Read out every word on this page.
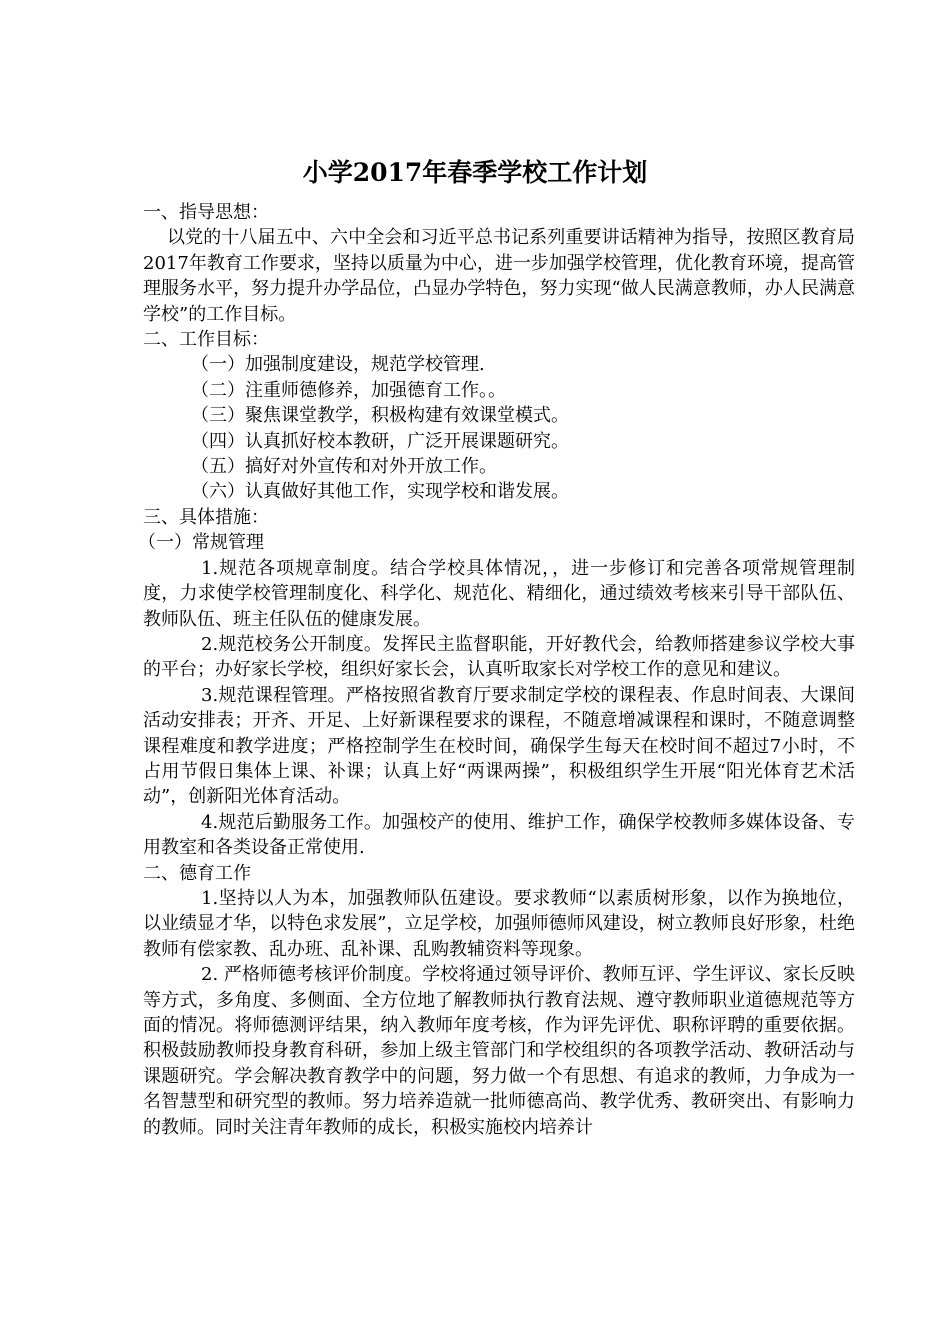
小学2017年春季学校工作计划

一、指导思想：

以党的十八届五中、六中全会和习近平总书记系列重要讲话精神为指导，按照区教育局2017年教育工作要求，坚持以质量为中心，进一步加强学校管理，优化教育环境，提高管理服务水平，努力提升办学品位，凸显办学特色，努力实现“做人民满意教师，办人民满意学校”的工作目标。

二、工作目标：

（一）加强制度建设，规范学校管理.

（二）注重师德修养，加强德育工作。。

（三）聚焦课堂教学，积极构建有效课堂模式。

（四）认真抓好校本教研，广泛开展课题研究。

（五）搞好对外宣传和对外开放工作。

（六）认真做好其他工作，实现学校和谐发展。

三、具体措施：

（一）常规管理

1.规范各项规章制度。结合学校具体情况，，进一步修订和完善各项常规管理制度，力求使学校管理制度化、科学化、规范化、精细化，通过绩效考核来引导干部队伍、教师队伍、班主任队伍的健康发展。

2.规范校务公开制度。发挥民主监督职能，开好教代会，给教师搭建参议学校大事的平台；办好家长学校，组织好家长会，认真听取家长对学校工作的意见和建议。

3.规范课程管理。严格按照省教育厅要求制定学校的课程表、作息时间表、大课间活动安排表；开齐、开足、上好新课程要求的课程，不随意增减课程和课时，不随意调整课程难度和教学进度；严格控制学生在校时间，确保学生每天在校时间不超过7小时，不占用节假日集体上课、补课；认真上好“两课两操”，积极组织学生开展“阳光体育艺术活动”，创新阳光体育活动。

4.规范后勤服务工作。加强校产的使用、维护工作，确保学校教师多媒体设备、专用教室和各类设备正常使用.

二、德育工作

1.坚持以人为本，加强教师队伍建设。要求教师“以素质树形象，以作为换地位，以业绩显才华，以特色求发展”，立足学校，加强师德师风建设，树立教师良好形象，杜绝教师有偿家教、乱办班、乱补课、乱购教辅资料等现象。

2. 严格师德考核评价制度。学校将通过领导评价、教师互评、学生评议、家长反映等方式，多角度、多侧面、全方位地了解教师执行教育法规、遵守教师职业道德规范等方面的情况。将师德测评结果，纳入教师年度考核，作为评先评优、职称评聘的重要依据。积极鼓励教师投身教育科研，参加上级主管部门和学校组织的各项教学活动、教研活动与课题研究。学会解决教育教学中的问题，努力做一个有思想、有追求的教师，力争成为一名智慧型和研究型的教师。努力培养造就一批师德高尚、教学优秀、教研突出、有影响力的教师。同时关注青年教师的成长，积极实施校内培养计
